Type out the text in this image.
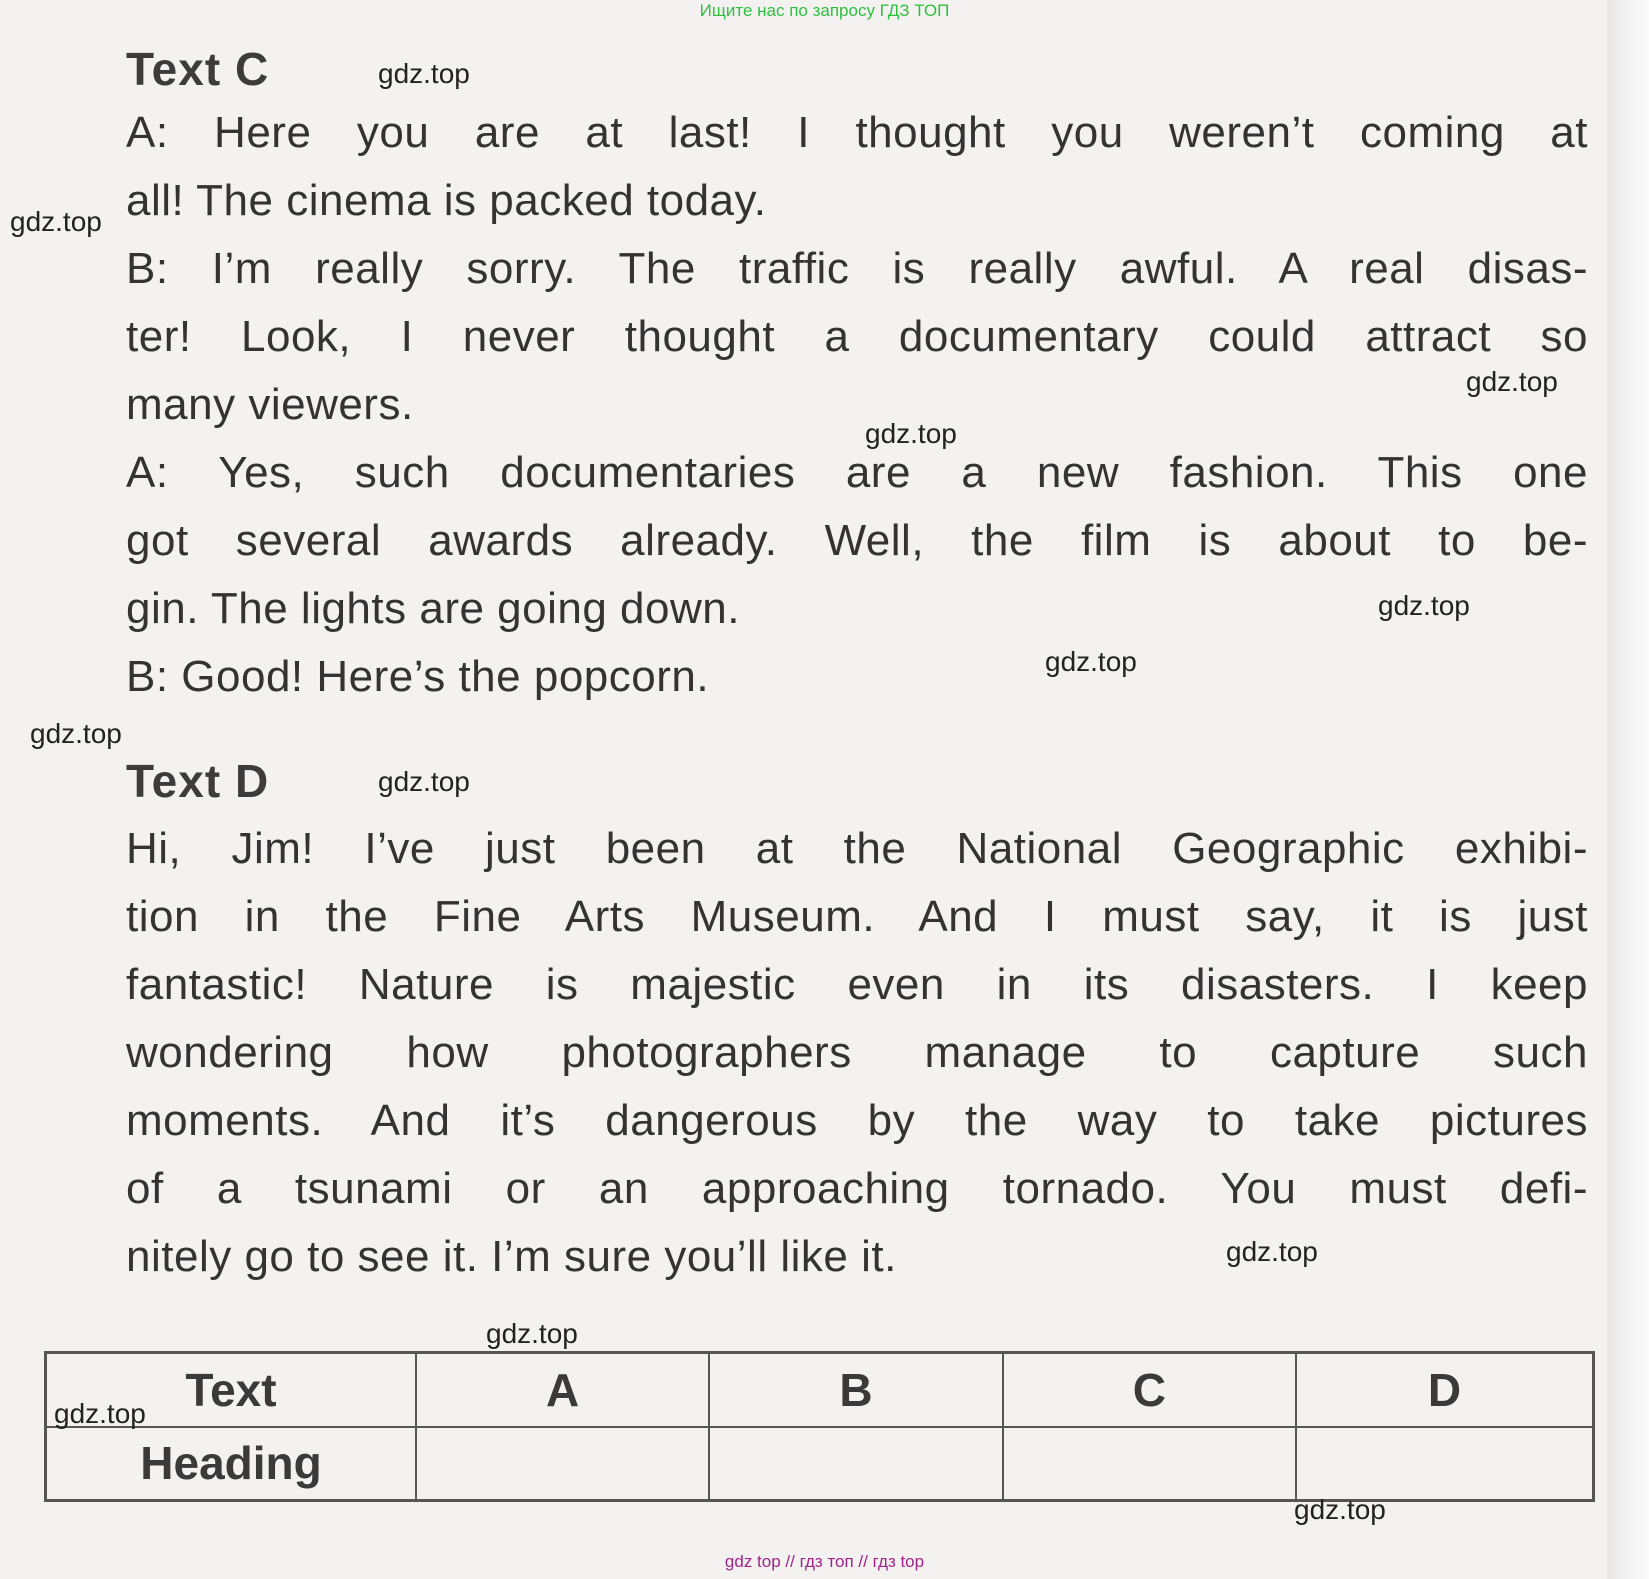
Ищите нас по запросу ГДЗ ТОП
Text C
A: Here you are at last! I thought you weren’t coming at
all! The cinema is packed today.
B: I’m really sorry. The traffic is really awful. A real disas-
ter! Look, I never thought a documentary could attract so
many viewers.
A: Yes, such documentaries are a new fashion. This one
got several awards already. Well, the film is about to be-
gin. The lights are going down.
B: Good! Here’s the popcorn.
Text D
Hi, Jim! I’ve just been at the National Geographic exhibi-
tion in the Fine Arts Museum. And I must say, it is just
fantastic! Nature is majestic even in its disasters. I keep
wondering how photographers manage to capture such
moments. And it’s dangerous by the way to take pictures
of a tsunami or an approaching tornado. You must defi-
nitely go to see it. I’m sure you’ll like it.
Text	A	B	C	D
Heading				
gdz.top
gdz.top
gdz.top
gdz.top
gdz.top
gdz.top
gdz.top
gdz.top
gdz.top
gdz.top
gdz.top
gdz.top
gdz top // гдз топ // гдз top
